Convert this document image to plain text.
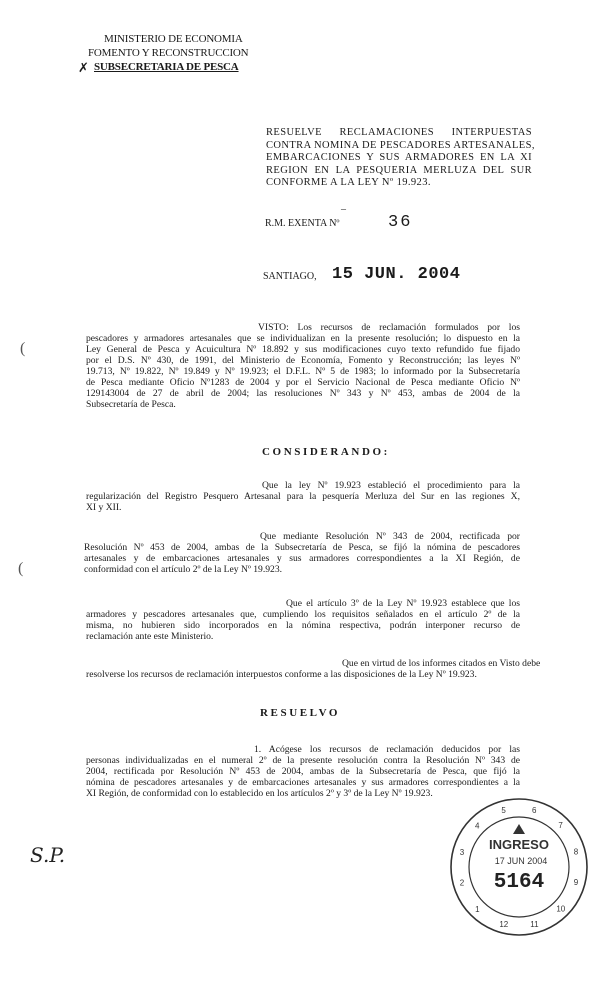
MINISTERIO DE ECONOMIA
FOMENTO Y RECONSTRUCCION
SUBSECRETARIA DE PESCA
✗
RESUELVE RECLAMACIONES INTERPUESTAS
CONTRA NOMINA DE PESCADORES ARTESANALES,
EMBARCACIONES Y SUS ARMADORES EN LA XI
REGION EN LA PESQUERIA MERLUZA DEL SUR
CONFORME A LA LEY Nº 19.923.
–
R.M. EXENTA Nº	36
SANTIAGO, 15 JUN. 2004
VISTO: Los recursos de reclamación formulados por los
pescadores y armadores artesanales que se individualizan en la presente resolución; lo dispuesto en la
Ley General de Pesca y Acuicultura Nº 18.892 y sus modificaciones cuyo texto refundido fue fijado
por el D.S. Nº 430, de 1991, del Ministerio de Economía, Fomento y Reconstrucción; las leyes Nº
19.713, Nº 19.822, Nº 19.849 y Nº 19.923; el D.F.L. Nº 5 de 1983; lo informado por la Subsecretaría
de Pesca mediante Oficio Nº1283 de 2004 y por el Servicio Nacional de Pesca mediante Oficio Nº
129143004 de 27 de abril de 2004; las resoluciones Nº 343 y Nº 453, ambas de 2004 de la
Subsecretaría de Pesca.
(
CONSIDERANDO:
Que la ley Nº 19.923 estableció el procedimiento para la
regularización del Registro Pesquero Artesanal para la pesquería Merluza del Sur en las regiones X,
XI y XII.
Que mediante Resolución Nº 343 de 2004, rectificada por
Resolución Nº 453 de 2004, ambas de la Subsecretaría de Pesca, se fijó la nómina de pescadores
artesanales y de embarcaciones artesanales y sus armadores correspondientes a la XI Región, de
conformidad con el artículo 2º de la Ley Nº 19.923.
(
Que el artículo 3º de la Ley Nº 19.923 establece que los
armadores y pescadores artesanales que, cumpliendo los requisitos señalados en el artículo 2º de la
misma, no hubieren sido incorporados en la nómina respectiva, podrán interponer recurso de
reclamación ante este Ministerio.
Que en virtud de los informes citados en Visto debe
resolverse los recursos de reclamación interpuestos conforme a las disposiciones de la Ley Nº 19.923.
RESUELVO
1. Acógese los recursos de reclamación deducidos por las
personas individualizadas en el numeral 2º de la presente resolución contra la Resolución Nº 343 de
2004, rectificada por Resolución Nº 453 de 2004, ambas de la Subsecretaría de Pesca, que fijó la
nómina de pescadores artesanales y de embarcaciones artesanales y sus armadores correspondientes a la
XI Región, de conformidad con lo establecido en los artículos 2º y 3º de la Ley Nº 19.923.
S.P.
6
7
8
9
10
11
12
1
2
3
4
5
INGRESO
17 JUN 2004
5164
